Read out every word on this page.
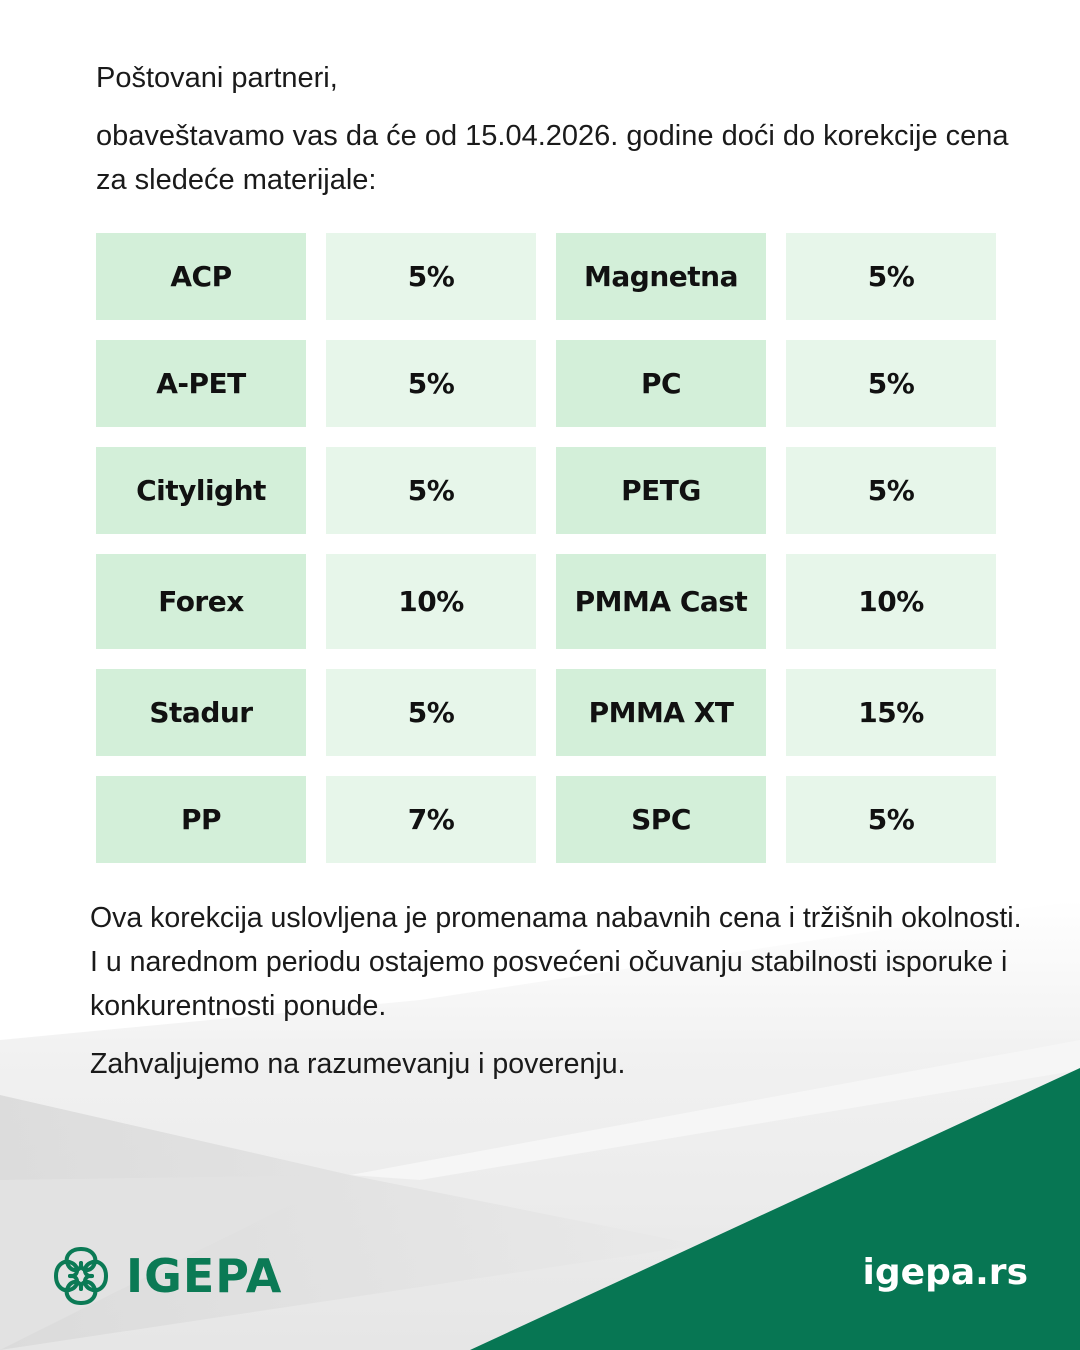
Poštovani partneri,

obaveštavamo vas da će od 15.04.2026. godine doći do korekcije cena za sledeće materijale:

ACP	5%	Magnetna	5%
A-PET	5%	PC	5%
Citylight	5%	PETG	5%
Forex	10%	PMMA Cast	10%
Stadur	5%	PMMA XT	15%
PP	7%	SPC	5%

Ova korekcija uslovljena je promenama nabavnih cena i tržišnih okolnosti. I u narednom periodu ostajemo posvećeni očuvanju stabilnosti isporuke i konkurentnosti ponude.

Zahvaljujemo na razumevanju i poverenju.

IGEPA	igepa.rs
